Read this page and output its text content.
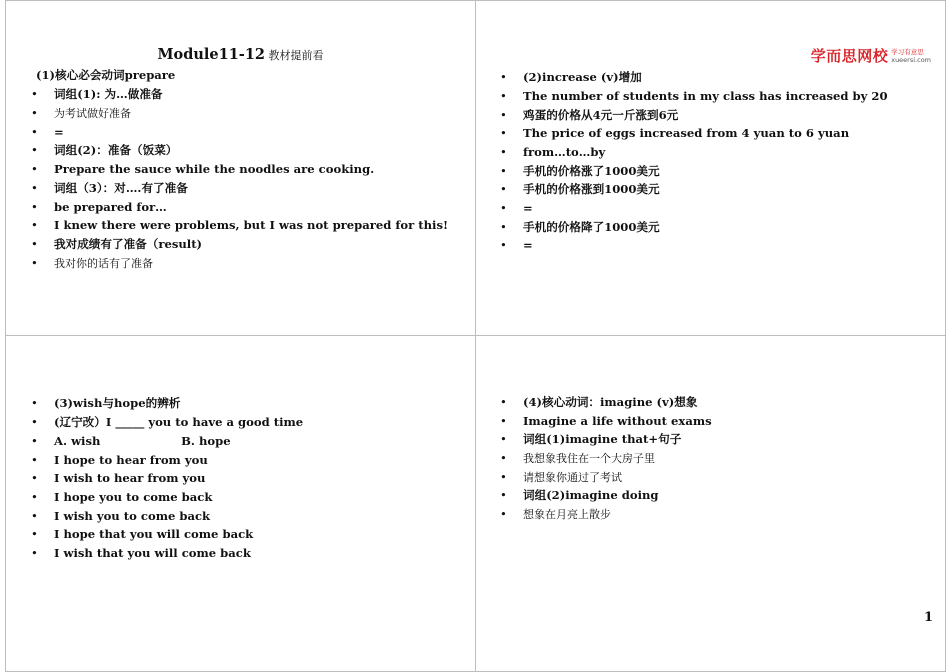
Module11-12 教材提前看
(1)核心必会动词prepare
• 词组(1): 为…做准备
• 为考试做好准备
• =
• 词组(2)：准备（饭菜）
• Prepare the sauce while the noodles are cooking.
• 词组（3）：对….有了准备
• be prepared for…
• I knew there were problems, but I was not prepared for this!
• 我对成绩有了准备（result)
• 我对你的话有了准备
学而思网校 学习有意思
xueersi.com
• (2)increase (v)增加
• The number of students in my class has increased by 20
• 鸡蛋的价格从4元一斤涨到6元
• The price of eggs increased from 4 yuan to 6 yuan
• from…to…by
• 手机的价格涨了1000美元
• 手机的价格涨到1000美元
• =
• 手机的价格降了1000美元
• =
• (3)wish与hope的辨析
• (辽宁改）I _____ you to have a good time
• A. wish                    B. hope
• I hope to hear from you
• I wish to hear from you
• I hope you to come back
• I wish you to come back
• I hope that you will come back
• I wish that you will come back
• (4)核心动词：imagine (v)想象
• Imagine a life without exams
• 词组(1)imagine that+句子
• 我想象我住在一个大房子里
• 请想象你通过了考试
• 词组(2)imagine doing
• 想象在月亮上散步
1
